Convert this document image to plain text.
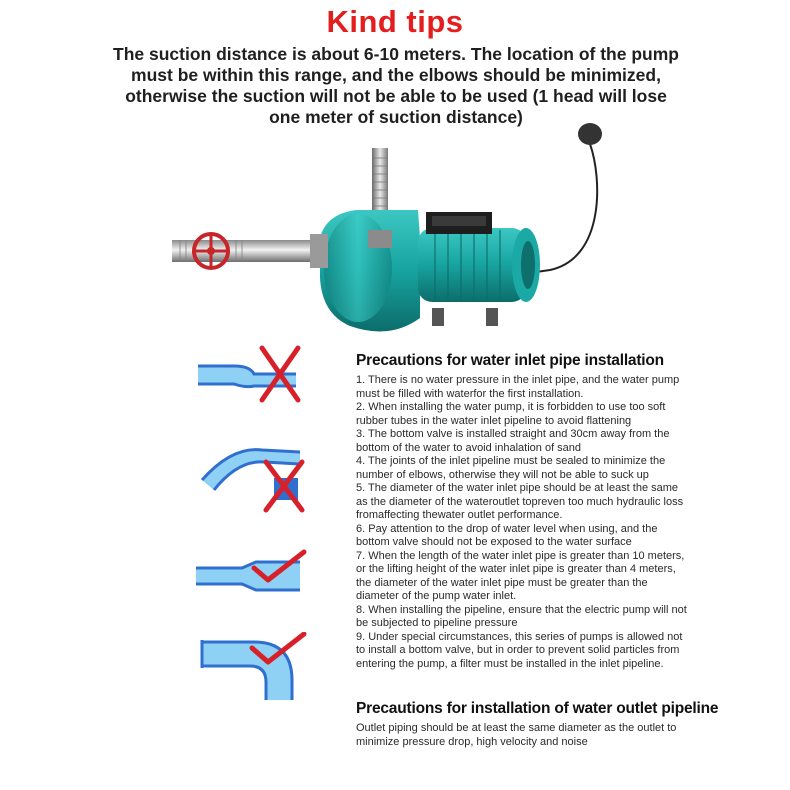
Kind tips
The suction distance is about 6-10 meters. The location of the pump must be within this range, and the elbows should be minimized, otherwise the suction will not be able to be used (1 head will lose one meter of suction distance)
Precautions for water inlet pipe installation
1. There is no water pressure in the inlet pipe, and the water pump must be filled with waterfor the first installation.
2. When installing the water pump, it is forbidden to use too soft rubber tubes in the water inlet pipeline to avoid flattening
3. The bottom valve is installed straight and 30cm away from the bottom of the water to avoid inhalation of sand
4. The joints of the inlet pipeline must be sealed to minimize the number of elbows, otherwise they will not be able to suck up
5. The diameter of the water inlet pipe should be at least the same as the diameter of the wateroutlet topreven too much hydraulic loss fromaffecting thewater outlet performance.
6. Pay attention to the drop of water level when using, and the bottom valve should not be exposed to the water surface
7. When the length of the water inlet pipe is greater than 10 meters, or the lifting height of the water inlet pipe is greater than 4 meters, the diameter of the water inlet pipe must be greater than the diameter of the pump water inlet.
8. When installing the pipeline, ensure that the electric pump will not be subjected to pipeline pressure
9. Under special circumstances, this series of pumps is allowed not to install a bottom valve, but in order to prevent solid particles from entering the pump, a filter must be installed in the inlet pipeline.
Precautions for installation of water outlet pipeline

Outlet piping should be at least the same diameter as the outlet to minimize pressure drop, high velocity and noise
